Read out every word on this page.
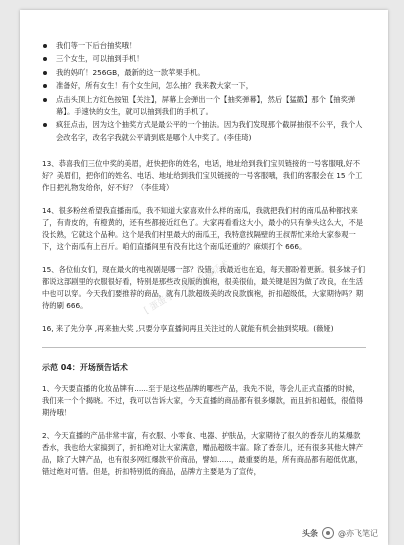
我们等一下后台抽奖哦！
三个女生，可以抽到手机！
我的妈吖！256GB，最新的这一款苹果手机。
准备好，所有女生！有个女生问，怎么抽？我来教大家一下，
点击头顶上方红色按钮【关注】，屏幕上会弹出一个【抽奖弹幕】，然后【猛戳】那个【抽奖弹幕】。手速快的女生，就可以抽到我们的手机了。
疯狂点击，因为这个抽奖方式是最公平的一个抽法。因为我们发现那个截屏抽很不公平，我个人会改名字，改名字我就公平请到底是哪个人中奖了。(李佳琦)

13、恭喜我们三位中奖的美眉，赶快把你的姓名，电话，地址给到我们宝贝链接的一号客服哦,好不好？美眉们，把你们的姓名、电话、地址给到我们宝贝链接的一号客服哦，我们的客服会在 15 个工作日把礼物发给你，好不好？（李佳琦）

14、很多粉丝希望我直播南瓜，我不知道大家喜欢什么样的南瓜，我就把我们村的南瓜品种都找来了，有青皮的，有橙黄的，还有些都接近红色了。大家再看看这大小，最小的只有拳头这么大，不是没长熟，它就这个品种。这个是我们村里最大的南瓜王，我特意找隔壁的王叔帮忙来给大家参观一下，这个南瓜有上百斤。咱们直播间里有没有比这个南瓜还重的？麻烦打个 666。

15、各位仙女们，现在最火的电视剧是哪一部？没错，我最近也在追，每天都盼着更新。很多妹子们都说这部剧里的衣服很好看，特别是那些改良版的旗袍，很美很仙，最关键是因为做了改良，在生活中也可以穿。今天我们要推荐的商品，就有几款超级美的改良款旗袍，折扣超级低，大家期待吗？期待的刷 666。

16, 来了先分享 ,再来抽大奖 ,只要分享直播间再且关注过的人就能有机会抽到奖哦。(薇娅)

示范 04：开场预告话术

1、今天要直播的化妆品牌有......至于是这些品牌的哪些产品，我先不说，等会儿正式直播的时候，我们来一个个揭晓。不过，我可以告诉大家，今天直播的商品都有很多爆款，而且折扣超低，很值得期待哦！

2、今天直播的产品非常丰富，有衣服、小零食、电器、护肤品，大家期待了很久的香奈儿的某爆款香水，我也给大家搞到了，折扣绝对让大家满意，赠品超级丰富。除了香奈儿，还有很多其他大牌产品，除了大牌产品，也有很多网红爆款平价商品，譬如......，最重要的是，所有商品都有超低优惠，错过绝对可惜。但是，折扣特别低的商品，品牌方主要是为了宣传，

[ 蛋蛋学 ] 淘宝直播话术
头条	@亦飞笔记
